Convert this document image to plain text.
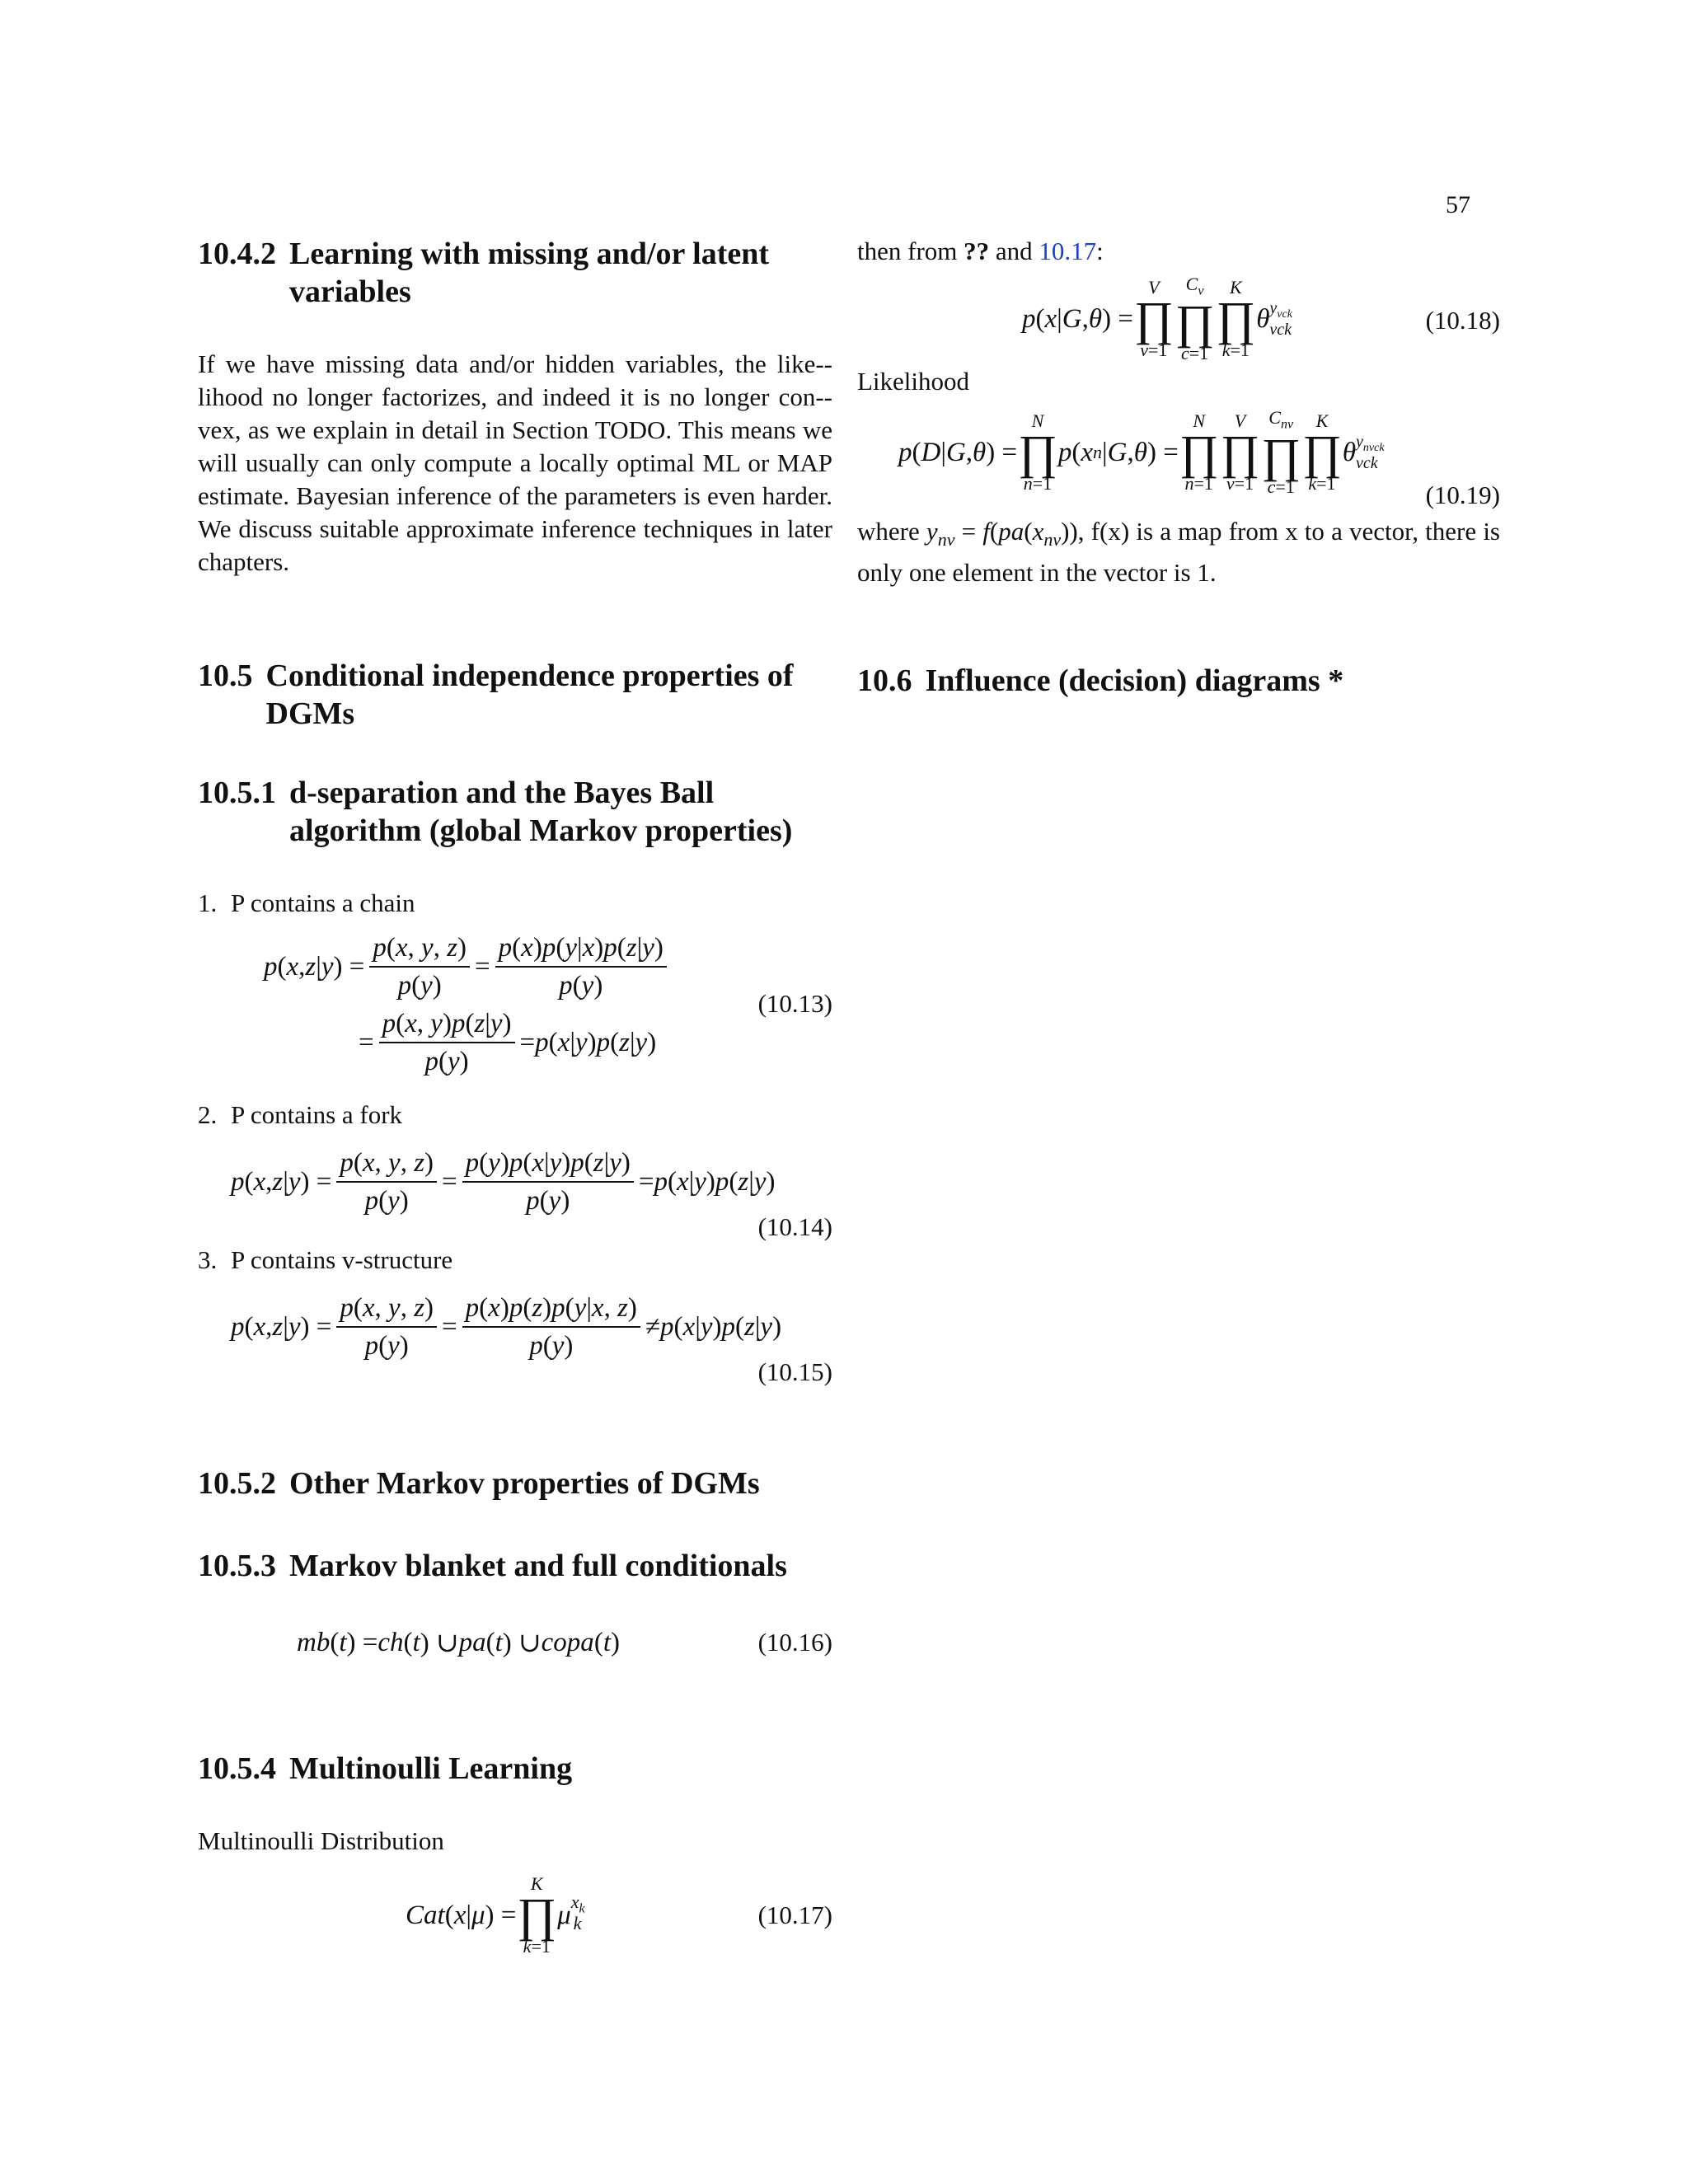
57
10.4.2 Learning with missing and/or latent variables

If we have missing data and/or hidden variables, the like-lihood no longer factorizes, and indeed it is no longer con-vex, as we explain in detail in Section TODO. This means we will usually can only compute a locally optimal ML or MAP estimate. Bayesian inference of the parameters is even harder. We discuss suitable approximate inference techniques in later chapters.

10.5 Conditional independence properties of DGMs
10.5.1 d-separation and the Bayes Ball algorithm (global Markov properties)
1. P contains a chain
p ( x , z | y ) = $\frac{p(x, y, z)}{p(y)} = \frac{p(x)p(y|x)p(z|y)}{p(y)}$
= $\frac{p(x, y)p(z|y)}{p(y)} = p$ ( x | y ) p ( z | y )
(10.13)
2. P contains a fork
p ( x , z | y ) = $\frac{p(x, y, z)}{p(y)} = \frac{p(y)p(x|y)p(z|y)}{p(y)} = p$ ( x | y ) p ( z | y )
(10.14)
3. P contains v-structure
p ( x , z | y ) = $\frac{p(x, y, z)}{p(y)} = \frac{p(x)p(z)p(y|x, z)}{p(y)} \ne p$ ( x | y ) p ( z | y )
(10.15)
10.5.2 Other Markov properties of DGMs
10.5.3 Markov blanket and full conditionals
mb ( t ) = ch ( t ) ∪ pa ( t ) ∪ copa ( t )	(10.16)
10.5.4 Multinoulli Learning

Multinoulli Distribution

Cat ( x | μ ) =
K
∏
k=1
$\mu^{x_k}$
$_k$	(10.17)

then from ?? and 10.17:

p ( x | G , θ ) =
V
∏
v=1
$C_v$
∏
c=1
K
∏
k=1
θ $y_{vck}$
vck	(10.18)

Likelihood

p ( D | G , θ ) =
N
∏
n=1
p ( x n | G , θ ) =
N
∏
n=1
V
∏
v=1
$C_{nv}$
∏
c=1
K
∏
k=1
θ $y_{nvck}$
vck
(10.19)

where $y_{nv} = f(pa(x_{nv}))$, f(x) is a map from x to a vector, there is only one element in the vector is 1.

10.6 Influence (decision) diagrams *
